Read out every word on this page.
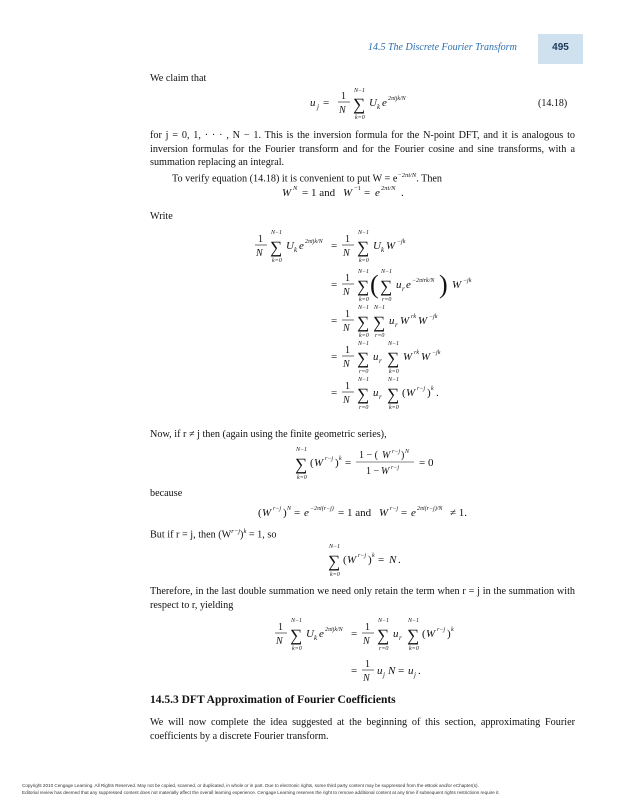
14.5 The Discrete Fourier Transform	495
We claim that
u j =
1
N
N−1
∑
k=0
U k e 2πijk/N	(14.18)
for j = 0, 1, · · · , N − 1. This is the inversion formula for the N-point DFT, and it is analogous to inversion formulas for the Fourier transform and for the Fourier cosine and sine transforms, with a summation replacing an integral.
To verify equation (14.18) it is convenient to put $W = e^{-2\pi i/N}$. Then
W N = 1 and W −1 = e 2πi/N .
Write
1
N
N−1
∑
k=0
U k e 2πijk/N =
1
N
N−1
∑
k=0
U k W −jk
=
1
N
N−1
∑
k=0
( N−1
∑
r=0
u r e −2πirk/N ) W −jk
=
1
N
N−1
∑
k=0
N−1
∑
r=0
u r W rk W −jk
=
1
N
N−1
∑
r=0
u r
N−1
∑
k=0
W rk W −jk
=
1
N
N−1
∑
r=0
u r
N−1
∑
k=0
( W r−j ) k .
Now, if r ≠ j then (again using the finite geometric series),
N−1
∑
k=0
( W r−j ) k =
1 − ( W r−j ) N
1 − W r−j = 0
because
( W r−j ) N = e −2πi(r−j) = 1 and W r−j = e 2πi(r−j)/N ≠ 1.
But if r = j, then $(W^{r-j})^k = 1$, so
N−1
∑
k=0
( W r−j ) k = N .
Therefore, in the last double summation we need only retain the term when r = j in the summation with respect to r, yielding
1
N
N−1
∑
k=0
U k e 2πijk/N =
1
N
N−1
∑
r=0
u r
N−1
∑
k=0
( W r−j ) k
=
1
N
u j N = u j .
14.5.3 DFT Approximation of Fourier Coefficients
We will now complete the idea suggested at the beginning of this section, approximating Fourier coefficients by a discrete Fourier transform.
Copyright 2010 Cengage Learning. All Rights Reserved. May not be copied, scanned, or duplicated, in whole or in part. Due to electronic rights, some third party content may be suppressed from the eBook and/or eChapter(s).
Editorial review has deemed that any suppressed content does not materially affect the overall learning experience. Cengage Learning reserves the right to remove additional content at any time if subsequent rights restrictions require it.
